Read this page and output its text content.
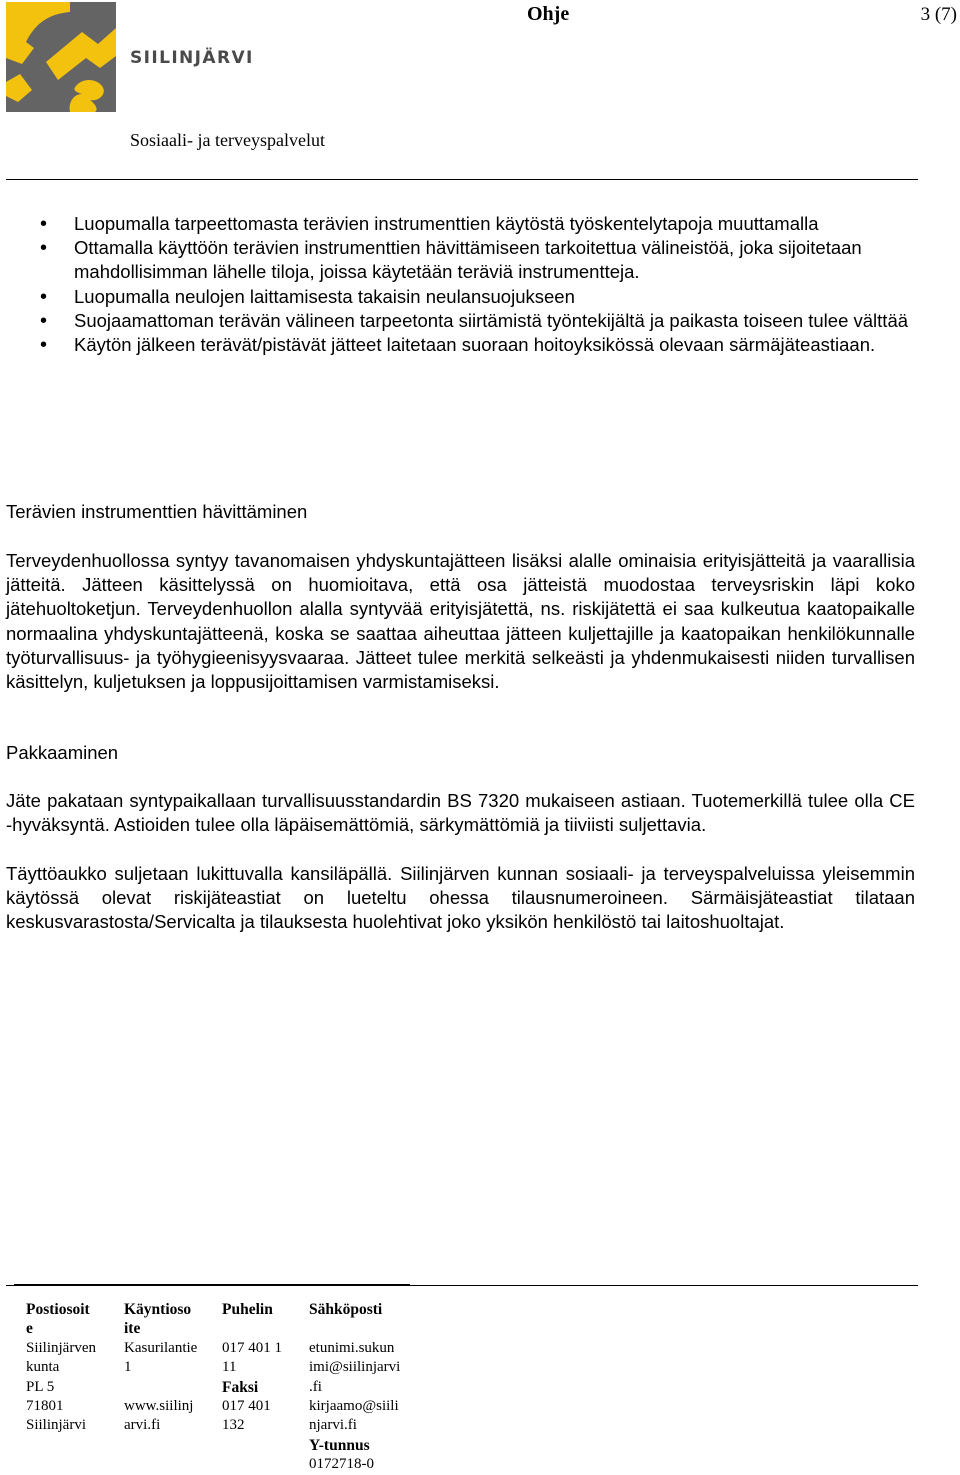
SIILINJÄRVI
Ohje	3 (7)
Sosiaali- ja terveyspalvelut
• Luopumalla tarpeettomasta terävien instrumenttien käytöstä työskentelytapoja muuttamalla
• Ottamalla käyttöön terävien instrumenttien hävittämiseen tarkoitettua välineistöä, joka sijoitetaan mahdollisimman lähelle tiloja, joissa käytetään teräviä instrumentteja.
• Luopumalla neulojen laittamisesta takaisin neulansuojukseen
• Suojaamattoman terävän välineen tarpeetonta siirtämistä työntekijältä ja paikasta toiseen tulee välttää
• Käytön jälkeen terävät/pistävät jätteet laitetaan suoraan hoitoyksikössä olevaan särmäjäteastiaan.
Terävien instrumenttien hävittäminen
Terveydenhuollossa syntyy tavanomaisen yhdyskuntajätteen lisäksi alalle ominaisia erityisjätteitä ja vaarallisia jätteitä. Jätteen käsittelyssä on huomioitava, että osa jätteistä muodostaa terveysriskin läpi koko jätehuoltoketjun. Terveydenhuollon alalla syntyvää erityisjätettä, ns. riskijätettä ei saa kulkeutua kaatopaikalle normaalina yhdyskuntajätteenä, koska se saattaa aiheuttaa jätteen kuljettajille ja kaatopaikan henkilökunnalle työturvallisuus- ja työhygieenisyysvaaraa. Jätteet tulee merkitä selkeästi ja yhdenmukaisesti niiden turvallisen käsittelyn, kuljetuksen ja loppusijoittamisen varmistamiseksi.
Pakkaaminen
Jäte pakataan syntypaikallaan turvallisuusstandardin BS 7320 mukaiseen astiaan. Tuotemerkillä tulee olla CE -hyväksyntä. Astioiden tulee olla läpäisemättömiä, särkymättömiä ja tiiviisti suljettavia.
Täyttöaukko suljetaan lukittuvalla kansiläpällä. Siilinjärven kunnan sosiaali- ja terveyspalveluissa yleisemmin käytössä olevat riskijäteastiat on lueteltu ohessa tilausnumeroineen. Särmäisjäteastiat tilataan keskusvarastosta/Servicalta ja tilauksesta huolehtivat joko yksikön henkilöstö tai laitoshuoltajat.
Postiosoit
e
Siilinjärven
kunta
PL 5
71801
Siilinjärvi
Käyntioso
ite
Kasurilantie
1

www.siilinj
arvi.fi
Puhelin
017 401 1
11
Faksi
017 401
132
Sähköposti
etunimi.sukun
imi@siilinjarvi
.fi
kirjaamo@siili
njarvi.fi
Y-tunnus
0172718-0
